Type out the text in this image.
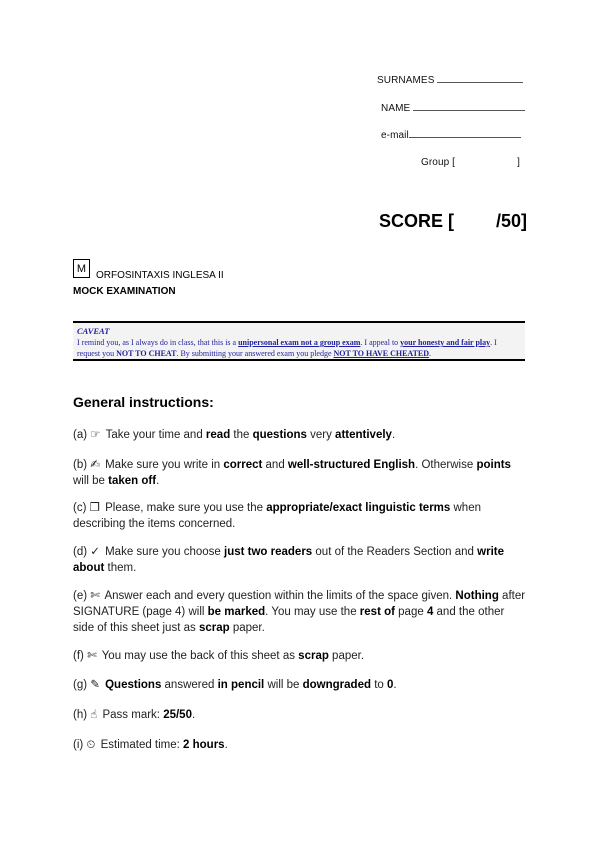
SURNAMES
NAME
e-mail
Group [	]
SCORE [ /50]
M
ORFOSINTAXIS INGLESA II
MOCK EXAMINATION
CAVEAT
I remind you, as I always do in class, that this is a unipersonal exam not a group exam. I appeal to your honesty and fair play. I request you NOT TO CHEAT. By submitting your answered exam you pledge NOT TO HAVE CHEATED.
General instructions:
(a) ☞ Take your time and read the questions very attentively.
(b) ✍ Make sure you write in correct and well-structured English. Otherwise points will be taken off.
(c) ❐ Please, make sure you use the appropriate/exact linguistic terms when describing the items concerned.
(d) ✓ Make sure you choose just two readers out of the Readers Section and write about them.
(e) ✄ Answer each and every question within the limits of the space given. Nothing after SIGNATURE (page 4) will be marked. You may use the rest of page 4 and the other side of this sheet just as scrap paper.
(f) ✄ You may use the back of this sheet as scrap paper.
(g) ✎ Questions answered in pencil will be downgraded to 0.
(h) ☝ Pass mark: 25/50.
(i) ⏲ Estimated time: 2 hours.
